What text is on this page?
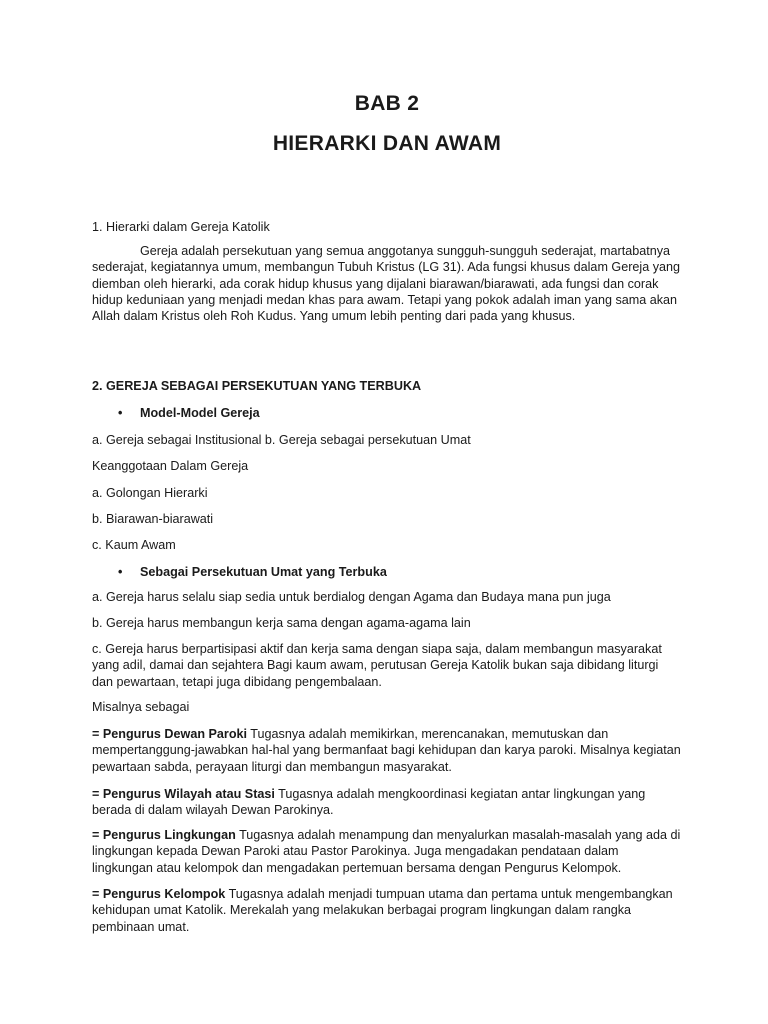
BAB 2
HIERARKI DAN AWAM
1. Hierarki dalam Gereja Katolik
Gereja adalah persekutuan yang semua anggotanya sungguh-sungguh sederajat, martabatnya sederajat, kegiatannya umum, membangun Tubuh Kristus (LG 31). Ada fungsi khusus dalam Gereja yang diemban oleh hierarki, ada corak hidup khusus yang dijalani biarawan/biarawati, ada fungsi dan corak hidup keduniaan yang menjadi medan khas para awam. Tetapi yang pokok adalah iman yang sama akan Allah dalam Kristus oleh Roh Kudus. Yang umum lebih penting dari pada yang khusus.
2. GEREJA SEBAGAI PERSEKUTUAN YANG TERBUKA
• Model-Model Gereja
a. Gereja sebagai Institusional b. Gereja sebagai persekutuan Umat
Keanggotaan Dalam Gereja
a. Golongan Hierarki
b. Biarawan-biarawati
c. Kaum Awam
• Sebagai Persekutuan Umat yang Terbuka
a. Gereja harus selalu siap sedia untuk berdialog dengan Agama dan Budaya mana pun juga
b. Gereja harus membangun kerja sama dengan agama-agama lain
c. Gereja harus berpartisipasi aktif dan kerja sama dengan siapa saja, dalam membangun masyarakat yang adil, damai dan sejahtera Bagi kaum awam, perutusan Gereja Katolik bukan saja dibidang liturgi dan pewartaan, tetapi juga dibidang pengembalaan.
Misalnya sebagai
= Pengurus Dewan Paroki Tugasnya adalah memikirkan, merencanakan, memutuskan dan mempertanggung-jawabkan hal-hal yang bermanfaat bagi kehidupan dan karya paroki. Misalnya kegiatan pewartaan sabda, perayaan liturgi dan membangun masyarakat.
= Pengurus Wilayah atau Stasi Tugasnya adalah mengkoordinasi kegiatan antar lingkungan yang berada di dalam wilayah Dewan Parokinya.
= Pengurus Lingkungan Tugasnya adalah menampung dan menyalurkan masalah-masalah yang ada di lingkungan kepada Dewan Paroki atau Pastor Parokinya. Juga mengadakan pendataan dalam lingkungan atau kelompok dan mengadakan pertemuan bersama dengan Pengurus Kelompok.
= Pengurus Kelompok Tugasnya adalah menjadi tumpuan utama dan pertama untuk mengembangkan kehidupan umat Katolik. Merekalah yang melakukan berbagai program lingkungan dalam rangka pembinaan umat.
